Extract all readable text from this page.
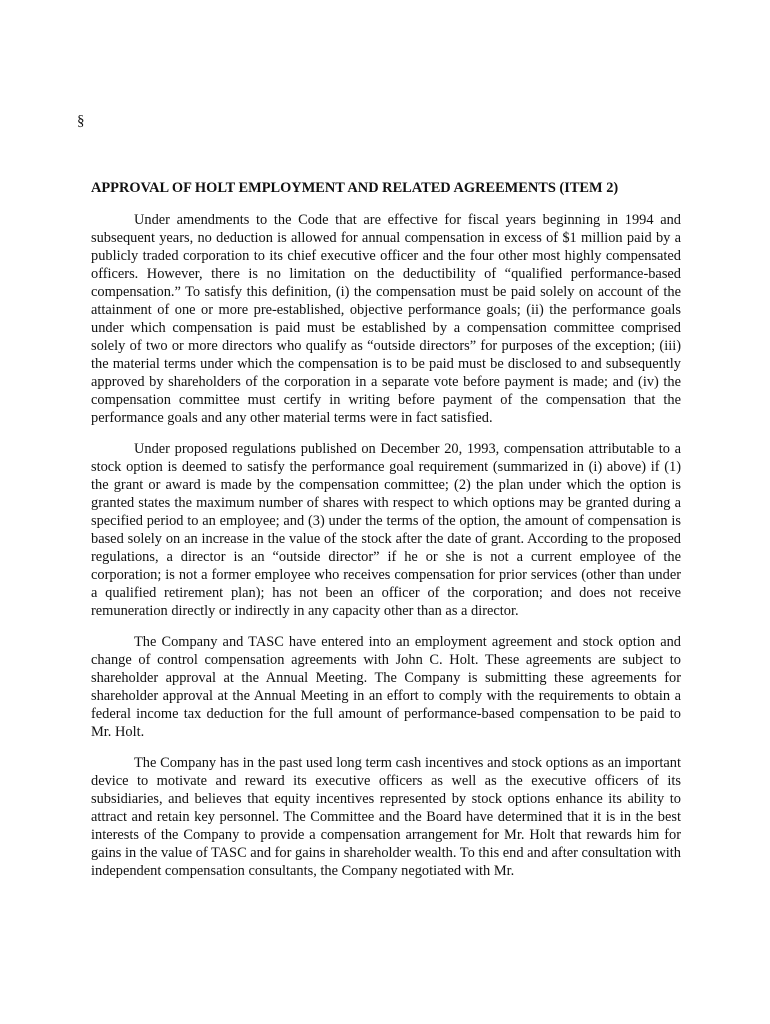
§
APPROVAL OF HOLT EMPLOYMENT AND RELATED AGREEMENTS (ITEM 2)

Under amendments to the Code that are effective for fiscal years beginning in 1994 and subsequent years, no deduction is allowed for annual compensation in excess of $1 million paid by a publicly traded corporation to its chief executive officer and the four other most highly compensated officers. However, there is no limitation on the deductibility of “qualified performance-based compensation.” To satisfy this definition, (i) the compensation must be paid solely on account of the attainment of one or more pre-established, objective performance goals; (ii) the performance goals under which compensation is paid must be established by a compensation committee comprised solely of two or more directors who qualify as “outside directors” for purposes of the exception; (iii) the material terms under which the compensation is to be paid must be disclosed to and subsequently approved by shareholders of the corporation in a separate vote before payment is made; and (iv) the compensation committee must certify in writing before payment of the compensation that the performance goals and any other material terms were in fact satisfied.

Under proposed regulations published on December 20, 1993, compensation attributable to a stock option is deemed to satisfy the performance goal requirement (summarized in (i) above) if (1) the grant or award is made by the compensation committee; (2) the plan under which the option is granted states the maximum number of shares with respect to which options may be granted during a specified period to an employee; and (3) under the terms of the option, the amount of compensation is based solely on an increase in the value of the stock after the date of grant. According to the proposed regulations, a director is an “outside director” if he or she is not a current employee of the corporation; is not a former employee who receives compensation for prior services (other than under a qualified retirement plan); has not been an officer of the corporation; and does not receive remuneration directly or indirectly in any capacity other than as a director.

The Company and TASC have entered into an employment agreement and stock option and change of control compensation agreements with John C. Holt. These agreements are subject to shareholder approval at the Annual Meeting. The Company is submitting these agreements for shareholder approval at the Annual Meeting in an effort to comply with the requirements to obtain a federal income tax deduction for the full amount of performance-based compensation to be paid to Mr. Holt.

The Company has in the past used long term cash incentives and stock options as an important device to motivate and reward its executive officers as well as the executive officers of its subsidiaries, and believes that equity incentives represented by stock options enhance its ability to attract and retain key personnel. The Committee and the Board have determined that it is in the best interests of the Company to provide a compensation arrangement for Mr. Holt that rewards him for gains in the value of TASC and for gains in shareholder wealth. To this end and after consultation with independent compensation consultants, the Company negotiated with Mr.
